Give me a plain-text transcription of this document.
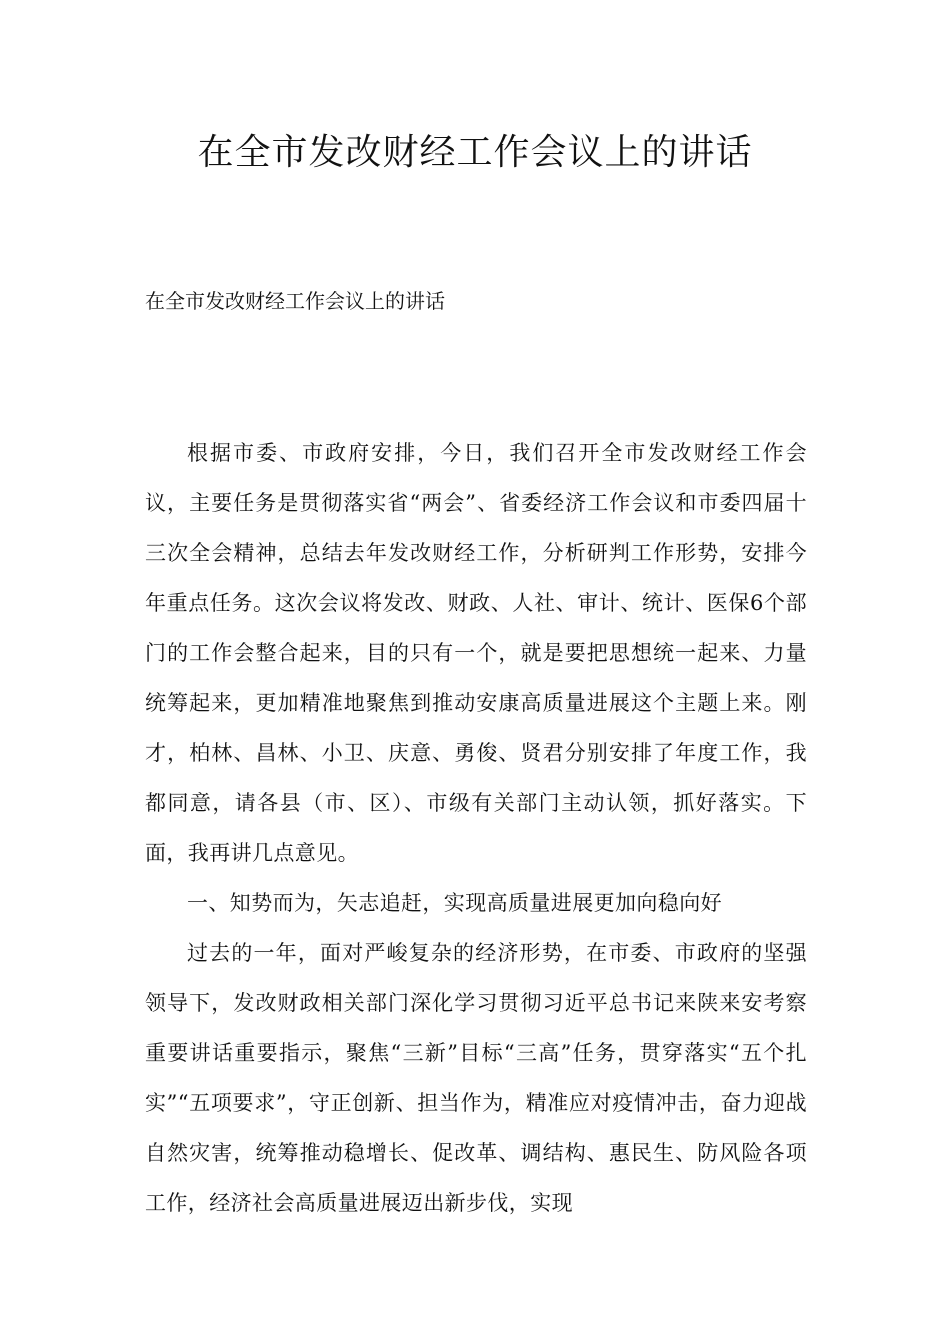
在全市发改财经工作会议上的讲话

在全市发改财经工作会议上的讲话

根据市委、市政府安排，今日，我们召开全市发改财经工作会议，主要任务是贯彻落实省“两会”、省委经济工作会议和市委四届十三次全会精神，总结去年发改财经工作，分析研判工作形势，安排今年重点任务。这次会议将发改、财政、人社、审计、统计、医保6个部门的工作会整合起来，目的只有一个，就是要把思想统一起来、力量统筹起来，更加精准地聚焦到推动安康高质量进展这个主题上来。刚才，柏林、昌林、小卫、庆意、勇俊、贤君分别安排了年度工作，我都同意，请各县（市、区）、市级有关部门主动认领，抓好落实。下面，我再讲几点意见。

一、知势而为，矢志追赶，实现高质量进展更加向稳向好

过去的一年，面对严峻复杂的经济形势，在市委、市政府的坚强领导下，发改财政相关部门深化学习贯彻习近平总书记来陕来安考察重要讲话重要指示，聚焦“三新”目标“三高”任务，贯穿落实“五个扎实”“五项要求”，守正创新、担当作为，精准应对疫情冲击，奋力迎战自然灾害，统筹推动稳增长、促改革、调结构、惠民生、防风险各项工作，经济社会高质量进展迈出新步伐，实现
